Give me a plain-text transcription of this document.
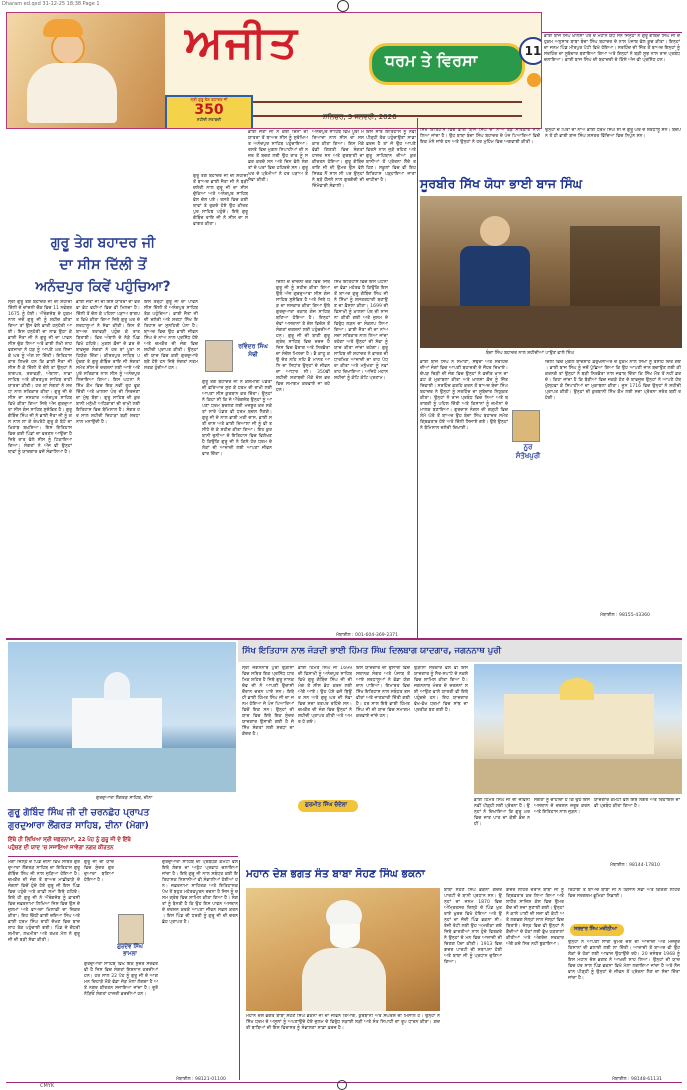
Dharam ed.qxd 31-12-25 18:38 Page 1
ਅਜੀਤ	ਧਰਮ ਤੇ ਵਿਰਸਾ	11
ਸ਼ਨਿਚਰ, 3 ਜਨਵਰੀ, 2026
ਸ੍ਰੀ ਗੁਰੂ ਤੇਗ ਬਹਾਦਰ ਜੀ
350
ਸ਼ਹੀਦੀ ਸ਼ਤਾਬਦੀ
ਭਾਈ ਬਾਜ ਸਿੰਘ ਖ਼ਾਲਸਾ ਪੰਥ ਦੇ ਮਹਾਨ ਯੋਧੇ ਸਨ ਜਿਨ੍ਹਾਂ ਨੇ ਗੁਰੂ ਗੋਬਿੰਦ ਸਿੰਘ ਜੀ ਦੇ ਹੁਕਮ ਅਨੁਸਾਰ ਬਾਬਾ ਬੰਦਾ ਸਿੰਘ ਬਹਾਦਰ ਦੇ ਨਾਲ ਪੰਜਾਬ ਵੱਲ ਕੂਚ ਕੀਤਾ। ਇਨ੍ਹਾਂ ਦਾ ਜਨਮ ਪਿੰਡ ਮੀਰਪੁਰ ਪੱਟੀ ਵਿਖੇ ਹੋਇਆ। ਸਰਹਿੰਦ ਦੀ ਜਿੱਤ ਤੋਂ ਬਾਅਦ ਇਨ੍ਹਾਂ ਨੂੰ ਸਰਹਿੰਦ ਦਾ ਸੂਬੇਦਾਰ ਬਣਾਇਆ ਗਿਆ ਅਤੇ ਇਨ੍ਹਾਂ ਨੇ ਬੜੀ ਸੂਝ ਨਾਲ ਰਾਜ ਪ੍ਰਬੰਧ ਚਲਾਇਆ। ਭਾਈ ਬਾਜ ਸਿੰਘ ਦੀ ਬਹਾਦਰੀ ਦੇ ਕਿੱਸੇ ਅੱਜ ਵੀ ਪ੍ਰਸਿੱਧ ਹਨ।
ਗੁਰੂ ਤੇਗ ਬਹਾਦਰ ਜੀ
ਦਾ ਸੀਸ ਦਿੱਲੀ ਤੋਂ
ਅਨੰਦਪੁਰ ਕਿਵੇਂ ਪਹੁੰਚਿਆ?
ਗੁਰੂ ਤੇਗ ਬਹਾਦਰ ਜੀ ਦੀ ਸ਼ਹੀਦੀ ਤੋਂ ਬਾਅਦ ਭਾਈ ਜੈਤਾ ਜੀ ਨੇ ਬੜੀ ਦਲੇਰੀ ਨਾਲ ਗੁਰੂ ਜੀ ਦਾ ਸੀਸ ਚੁੱਕਿਆ ਅਤੇ ਅਨੰਦਪੁਰ ਸਾਹਿਬ ਵੱਲ ਚੱਲ ਪਏ। ਰਸਤੇ ਵਿਚ ਕਈ ਥਾਵਾਂ ਤੇ ਰੁਕਦੇ ਹੋਏ ਉਹ ਕੀਰਤਪੁਰ ਸਾਹਿਬ ਪਹੁੰਚੇ। ਇਥੇ ਗੁਰੂ ਗੋਬਿੰਦ ਰਾਇ ਜੀ ਨੇ ਸੀਸ ਦਾ ਸਵਾਗਤ ਕੀਤਾ।
ਸ੍ਰੀ ਗੁਰੂ ਤੇਗ ਬਹਾਦਰ ਜੀ ਦੀ ਸ਼ਹੀਦੀ ਦਿੱਲੀ ਦੇ ਚਾਂਦਨੀ ਚੌਕ ਵਿਚ 11 ਨਵੰਬਰ 1675 ਨੂੰ ਹੋਈ। ਔਰੰਗਜ਼ੇਬ ਦੇ ਹੁਕਮ ਨਾਲ ਜਦੋਂ ਗੁਰੂ ਜੀ ਨੂੰ ਸ਼ਹੀਦ ਕੀਤਾ ਗਿਆ ਤਾਂ ਉਸ ਵੇਲੇ ਭਾਰੀ ਹਨ੍ਹੇਰੀ ਆਈ। ਇਸ ਹਨ੍ਹੇਰੀ ਦਾ ਲਾਭ ਉਠਾ ਕੇ ਭਾਈ ਜੈਤਾ ਜੀ ਨੇ ਗੁਰੂ ਜੀ ਦਾ ਪਾਵਨ ਸੀਸ ਚੁੱਕ ਲਿਆ ਅਤੇ ਭਾਈ ਲੱਖੀ ਸ਼ਾਹ ਵਣਜਾਰਾ ਨੇ ਧੜ ਨੂੰ ਆਪਣੇ ਘਰ ਲਿਜਾ ਕੇ ਘਰ ਨੂੰ ਅੱਗ ਲਾ ਦਿੱਤੀ। ਇਤਿਹਾਸਕਾਰ ਲਿਖਦੇ ਹਨ ਕਿ ਭਾਈ ਜੈਤਾ ਜੀ ਸੀਸ ਲੈ ਕੇ ਦਿੱਲੀ ਤੋਂ ਚੱਲੇ ਤਾਂ ਉਨ੍ਹਾਂ ਨੇ ਬਾਗਪਤ, ਤਰਾਵੜੀ, ਅੰਬਾਲਾ, ਨਾਭਾ ਸਾਹਿਬ ਅਤੇ ਕੀਰਤਪੁਰ ਸਾਹਿਬ ਰਾਹੀਂ ਯਾਤਰਾ ਕੀਤੀ। ਹਰ ਥਾਂ ਸੰਗਤਾਂ ਨੇ ਸ਼ਰਧਾ ਨਾਲ ਸਤਿਕਾਰ ਕੀਤਾ। ਗੁਰੂ ਜੀ ਦੇ ਸੀਸ ਦਾ ਸਸਕਾਰ ਅਨੰਦਪੁਰ ਸਾਹਿਬ ਵਿਖੇ ਕੀਤਾ ਗਿਆ ਜਿਥੇ ਅੱਜ ਗੁਰਦੁਆਰਾ ਸੀਸ ਗੰਜ ਸਾਹਿਬ ਸੁਸ਼ੋਭਿਤ ਹੈ। ਗੁਰੂ ਗੋਬਿੰਦ ਸਿੰਘ ਜੀ ਨੇ ਭਾਈ ਜੈਤਾ ਜੀ ਨੂੰ ਗਲ ਨਾਲ ਲਾ ਕੇ ਰੰਘਰੇਟੇ ਗੁਰੂ ਕੇ ਬੇਟੇ ਦਾ ਖ਼ਿਤਾਬ ਬਖ਼ਸ਼ਿਆ। ਇਸ ਇਤਿਹਾਸ ਵਿਚ ਕਈ ਪਿੰਡਾਂ ਦਾ ਵਰਣਨ ਆਉਂਦਾ ਹੈ ਜਿਥੇ ਰਾਤ ਵੇਲੇ ਸੀਸ ਨੂੰ ਟਿਕਾਇਆ ਗਿਆ। ਸੰਗਤਾਂ ਨੇ ਅੱਜ ਵੀ ਉਨ੍ਹਾਂ ਥਾਵਾਂ ਨੂੰ ਯਾਦਗਾਰ ਵਜੋਂ ਸੰਭਾਲਿਆ ਹੈ।
ਭਾਈ ਜੈਤਾ ਜੀ ਦੀ ਇਸ ਯਾਤਰਾ ਦਾ ਵੇਰਵਾ ਭੱਟ ਵਹੀਆਂ ਵਿਚ ਵੀ ਮਿਲਦਾ ਹੈ। ਦਿੱਲੀ ਤੋਂ ਚੱਲ ਕੇ ਪਹਿਲਾ ਪੜਾਅ ਬਾਗਪਤ ਵਿਖੇ ਕੀਤਾ ਗਿਆ ਜਿਥੇ ਗੁਰੂ ਘਰ ਦੇ ਸ਼ਰਧਾਲੂਆਂ ਨੇ ਸੇਵਾ ਕੀਤੀ। ਇਸ ਤੋਂ ਬਾਅਦ ਤਰਾਵੜੀ ਪਹੁੰਚ ਕੇ ਰਾਤ ਬਿਤਾਈ। ਫਿਰ ਅੰਬਾਲੇ ਦੇ ਨੇੜੇ ਪਿੰਡ ਵਿਖੇ ਠਹਿਰੇ। ਮੁਗ਼ਲ ਫ਼ੌਜਾਂ ਦੇ ਡਰ ਦੇ ਬਾਵਜੂਦ ਸੰਗਤਾਂ ਨੇ ਹਰ ਥਾਂ ਪੂਰਾ ਸਹਿਯੋਗ ਦਿੱਤਾ। ਕੀਰਤਪੁਰ ਸਾਹਿਬ ਪਹੁੰਚਣ ਤੇ ਗੁਰੂ ਗੋਬਿੰਦ ਰਾਇ ਜੀ ਸੰਗਤਾਂ ਸਮੇਤ ਸੀਸ ਦੇ ਦਰਸ਼ਨਾਂ ਲਈ ਆਏ ਅਤੇ ਪੂਰੇ ਸਤਿਕਾਰ ਨਾਲ ਸੀਸ ਨੂੰ ਅਨੰਦਪੁਰ ਲਿਜਾਇਆ ਗਿਆ। ਇਸ ਘਟਨਾ ਨੇ ਸਿੱਖ ਕੌਮ ਵਿਚ ਇਕ ਨਵੀਂ ਰੂਹ ਫੂਕ ਦਿੱਤੀ ਅਤੇ ਖ਼ਾਲਸਾ ਪੰਥ ਦੀ ਸਿਰਜਣਾ ਦਾ ਮੁੱਢ ਬੱਝਾ। ਗੁਰੂ ਸਾਹਿਬ ਦੀ ਕੁਰਬਾਨੀ ਮਨੁੱਖੀ ਅਧਿਕਾਰਾਂ ਦੀ ਰਾਖੀ ਲਈ ਇਤਿਹਾਸ ਵਿਚ ਬੇਮਿਸਾਲ ਹੈ। ਸੰਗਤ ਹਰ ਸਾਲ ਸ਼ਹੀਦੀ ਦਿਹਾੜਾ ਬੜੀ ਸ਼ਰਧਾ ਨਾਲ ਮਨਾਉਂਦੀ ਹੈ।
ਇਸ ਤਰ੍ਹਾਂ ਗੁਰੂ ਜੀ ਦਾ ਪਾਵਨ ਸੀਸ ਦਿੱਲੀ ਤੋਂ ਅਨੰਦਪੁਰ ਸਾਹਿਬ ਤੱਕ ਪਹੁੰਚਿਆ। ਭਾਈ ਜੈਤਾ ਜੀ ਦੀ ਦਲੇਰੀ ਅਤੇ ਸ਼ਰਧਾ ਸਿੱਖ ਇਤਿਹਾਸ ਦਾ ਸੁਨਹਿਰੀ ਪੰਨਾ ਹੈ। ਬਾਅਦ ਵਿਚ ਉਹ ਭਾਈ ਜੀਵਨ ਸਿੰਘ ਦੇ ਨਾਂਅ ਨਾਲ ਪ੍ਰਸਿੱਧ ਹੋਏ ਅਤੇ ਚਮਕੌਰ ਦੀ ਜੰਗ ਵਿਚ ਸ਼ਹੀਦੀ ਪ੍ਰਾਪਤ ਕੀਤੀ। ਉਨ੍ਹਾਂ ਦੀ ਯਾਦ ਵਿਚ ਕਈ ਗੁਰਦੁਆਰੇ ਬਣੇ ਹੋਏ ਹਨ ਜਿਥੇ ਸੰਗਤਾਂ ਨਤਮਸਤਕ ਹੁੰਦੀਆਂ ਹਨ।
ਰਵਿੰਦਰ ਸਿੰਘ
ਸੋਢੀ
ਗੁਰੂ ਤੇਗ ਬਹਾਦਰ ਜੀ ਨੇ ਕਸ਼ਮੀਰੀ ਪੰਡਤਾਂ ਦੀ ਫ਼ਰਿਆਦ ਸੁਣ ਕੇ ਧਰਮ ਦੀ ਰਾਖੀ ਲਈ ਆਪਣਾ ਸੀਸ ਕੁਰਬਾਨ ਕਰ ਦਿੱਤਾ। ਉਨ੍ਹਾਂ ਨੇ ਕਿਹਾ ਸੀ ਕਿ ਜੇ ਔਰੰਗਜ਼ੇਬ ਉਨ੍ਹਾਂ ਨੂੰ ਆਪਣਾ ਧਰਮ ਬਦਲਣ ਲਈ ਮਜਬੂਰ ਕਰ ਸਕੇ ਤਾਂ ਸਾਰੇ ਪੰਡਤ ਵੀ ਧਰਮ ਬਦਲ ਲੈਣਗੇ। ਗੁਰੂ ਜੀ ਦੇ ਨਾਲ ਭਾਈ ਮਤੀ ਦਾਸ, ਭਾਈ ਸਤੀ ਦਾਸ ਅਤੇ ਭਾਈ ਦਿਆਲਾ ਜੀ ਨੂੰ ਵੀ ਤਸੀਹੇ ਦੇ ਕੇ ਸ਼ਹੀਦ ਕੀਤਾ ਗਿਆ। ਇਹ ਕੁਰਬਾਨੀ ਦੁਨੀਆ ਦੇ ਇਤਿਹਾਸ ਵਿਚ ਵਿਲੱਖਣ ਹੈ ਕਿਉਂਕਿ ਗੁਰੂ ਜੀ ਨੇ ਕਿਸੇ ਹੋਰ ਧਰਮ ਦੇ ਲੋਕਾਂ ਦੀ ਆਜ਼ਾਦੀ ਲਈ ਆਪਣਾ ਜੀਵਨ ਵਾਰ ਦਿੱਤਾ।
ਭਾਈ ਜੈਤਾ ਜੀ ਨੇ ਕਈ ਦਿਨਾਂ ਦੀ ਯਾਤਰਾ ਤੋਂ ਬਾਅਦ ਸੀਸ ਨੂੰ ਸੁਰੱਖਿਅਤ ਅਨੰਦਪੁਰ ਸਾਹਿਬ ਪਹੁੰਚਾਇਆ। ਰਸਤੇ ਵਿਚ ਮੁਗ਼ਲ ਸਿਪਾਹੀਆਂ ਦੀ ਨਜ਼ਰ ਤੋਂ ਬਚਣ ਲਈ ਉਹ ਰਾਤ ਨੂੰ ਸਫ਼ਰ ਕਰਦੇ ਸਨ ਅਤੇ ਦਿਨ ਵੇਲੇ ਸੰਗਤਾਂ ਦੇ ਘਰਾਂ ਵਿਚ ਠਹਿਰਦੇ ਸਨ। ਗੁਰੂ ਘਰ ਦੇ ਪ੍ਰੇਮੀਆਂ ਨੇ ਹਰ ਪੜਾਅ ਤੇ ਸੇਵਾ ਕੀਤੀ।
ਦਿੱਲੀ ਦੇ ਚਾਂਦਨੀ ਚੌਕ ਵਿਚ ਜਿਥੇ ਗੁਰੂ ਜੀ ਨੂੰ ਸ਼ਹੀਦ ਕੀਤਾ ਗਿਆ ਉਥੇ ਅੱਜ ਗੁਰਦੁਆਰਾ ਸੀਸ ਗੰਜ ਸਾਹਿਬ ਸੁਸ਼ੋਭਿਤ ਹੈ ਅਤੇ ਜਿਥੇ ਧੜ ਦਾ ਸਸਕਾਰ ਕੀਤਾ ਗਿਆ ਉਥੇ ਗੁਰਦੁਆਰਾ ਰਕਾਬ ਗੰਜ ਸਾਹਿਬ ਬਣਿਆ ਹੋਇਆ ਹੈ। ਇਨ੍ਹਾਂ ਦੋਵਾਂ ਅਸਥਾਨਾਂ ਤੇ ਦੇਸ਼ ਵਿਦੇਸ਼ ਤੋਂ ਸੰਗਤਾਂ ਦਰਸ਼ਨਾਂ ਲਈ ਪਹੁੰਚਦੀਆਂ ਹਨ। ਗੁਰੂ ਜੀ ਦੀ ਬਾਣੀ ਗੁਰੂ ਗ੍ਰੰਥ ਸਾਹਿਬ ਵਿਚ ਦਰਜ ਹੈ ਜਿਸ ਵਿਚ ਵੈਰਾਗ ਅਤੇ ਨਿਰਭੈਤਾ ਦਾ ਸੰਦੇਸ਼ ਮਿਲਦਾ ਹੈ। ਭੈ ਕਾਹੂ ਕਉ ਦੇਤ ਨਹਿ ਨਹਿ ਭੈ ਮਾਨਤ ਆਨਿ ਦਾ ਸਿਧਾਂਤ ਉਨ੍ਹਾਂ ਦੇ ਜੀਵਨ ਦਾ ਆਧਾਰ ਸੀ। 350ਵੀਂ ਸ਼ਹੀਦੀ ਸ਼ਤਾਬਦੀ ਮੌਕੇ ਦੇਸ਼ ਭਰ ਵਿਚ ਸਮਾਗਮ ਕਰਵਾਏ ਜਾ ਰਹੇ ਹਨ।
ਅਨੰਦਪੁਰ ਸਾਹਿਬ ਵਿਖੇ ਪੂਰੀ ਮਰਿਆਦਾ ਨਾਲ ਸੀਸ ਦਾ ਸਸਕਾਰ ਕੀਤਾ ਗਿਆ। ਇਸ ਮੌਕੇ ਵੱਡੀ ਗਿਣਤੀ ਵਿਚ ਸੰਗਤਾਂ ਹਾਜ਼ਰ ਸਨ ਅਤੇ ਗੁਰਬਾਣੀ ਦਾ ਕੀਰਤਨ ਹੋਇਆ। ਗੁਰੂ ਗੋਬਿੰਦ ਰਾਇ ਜੀ ਦੀ ਉਮਰ ਉਸ ਵੇਲੇ ਸਿਰਫ਼ ਨੌਂ ਸਾਲ ਸੀ ਪਰ ਉਨ੍ਹਾਂ ਨੇ ਬੜੇ ਹੌਂਸਲੇ ਨਾਲ ਗੁਰਗੱਦੀ ਦੀ ਜ਼ਿੰਮੇਵਾਰੀ ਸੰਭਾਲੀ।
ਸਿੱਖ ਇਤਿਹਾਸ ਵਿਚ ਇਸ ਘਟਨਾ ਦਾ ਵੱਡਾ ਮਹੱਤਵ ਹੈ ਕਿਉਂਕਿ ਇਸ ਤੋਂ ਬਾਅਦ ਗੁਰੂ ਗੋਬਿੰਦ ਸਿੰਘ ਜੀ ਨੇ ਸਿੱਖਾਂ ਨੂੰ ਸ਼ਸਤਰਧਾਰੀ ਬਣਾਉਣ ਦਾ ਫ਼ੈਸਲਾ ਕੀਤਾ। 1699 ਦੀ ਵਿਸਾਖੀ ਨੂੰ ਖ਼ਾਲਸਾ ਪੰਥ ਦੀ ਸਾਜਨਾ ਕੀਤੀ ਗਈ ਅਤੇ ਜ਼ੁਲਮ ਦੇ ਵਿਰੁੱਧ ਲੜਨ ਦਾ ਸੰਕਲਪ ਲਿਆ ਗਿਆ। ਭਾਈ ਜੈਤਾ ਜੀ ਦਾ ਨਾਂਅ ਸਦਾ ਸਤਿਕਾਰ ਨਾਲ ਲਿਆ ਜਾਂਦਾ ਰਹੇਗਾ ਅਤੇ ਉਨ੍ਹਾਂ ਦੀ ਸੇਵਾ ਨੂੰ ਯਾਦ ਕੀਤਾ ਜਾਂਦਾ ਰਹੇਗਾ। ਗੁਰੂ ਸਾਹਿਬ ਦੀ ਸ਼ਹਾਦਤ ਨੇ ਭਾਰਤ ਦੀ ਧਾਰਮਿਕ ਆਜ਼ਾਦੀ ਦਾ ਰਾਹ ਪੱਧਰਾ ਕੀਤਾ ਅਤੇ ਮਨੁੱਖਤਾ ਨੂੰ ਨਵਾਂ ਰਾਹ ਦਿਖਾਇਆ। ਅਜਿਹੇ ਮਹਾਨ ਸ਼ਹੀਦਾਂ ਨੂੰ ਕੋਟਿ ਕੋਟਿ ਪ੍ਰਣਾਮ।
ਇਸ ਸਾਰੇ ਇਤਿਹਾਸ ਨੂੰ ਨਵੀਂ ਪੀੜ੍ਹੀ ਤੱਕ ਪਹੁੰਚਾਉਣਾ ਸਾਡਾ ਫ਼ਰਜ਼ ਹੈ ਤਾਂ ਜੋ ਉਹ ਆਪਣੇ ਵਿਰਸੇ ਨਾਲ ਜੁੜੇ ਰਹਿਣ ਅਤੇ ਗੁਰੂ ਸਾਹਿਬਾਨ ਦੀਆਂ ਕੁਰਬਾਨੀਆਂ ਤੋਂ ਪ੍ਰੇਰਨਾ ਲੈਂਦੇ ਰਹਿਣ। ਸਕੂਲਾਂ ਵਿਚ ਵੀ ਇਹ ਇਤਿਹਾਸ ਪੜ੍ਹਾਇਆ ਜਾਣਾ ਚਾਹੀਦਾ ਹੈ।
ਮੋਬਾਈਲ : 001-604-369-2371
ਸਿੱਖ ਇਤਿਹਾਸ ਵਿਚ ਭਾਈ ਬਾਜ ਸਿੰਘ ਦਾ ਨਾਂਅ ਬੜੇ ਸਤਿਕਾਰ ਨਾਲ ਲਿਆ ਜਾਂਦਾ ਹੈ। ਉਹ ਬਾਬਾ ਬੰਦਾ ਸਿੰਘ ਬਹਾਦਰ ਦੇ ਪੰਜ ਪਿਆਰਿਆਂ ਵਿਚੋਂ ਇਕ ਮੰਨੇ ਜਾਂਦੇ ਹਨ ਅਤੇ ਉਨ੍ਹਾਂ ਨੇ ਹਰ ਮੁਹਿੰਮ ਵਿਚ ਅਗਵਾਈ ਕੀਤੀ।
ਉਨ੍ਹਾਂ ਦੇ ਪਿਤਾ ਦਾ ਨਾਂਅ ਭਾਈ ਧਰਮ ਸਿੰਘ ਸੀ ਜੋ ਗੁਰੂ ਘਰ ਦੇ ਸ਼ਰਧਾਲੂ ਸਨ। ਬਚਪਨ ਤੋਂ ਹੀ ਭਾਈ ਬਾਜ ਸਿੰਘ ਸ਼ਸਤਰ ਵਿੱਦਿਆ ਵਿਚ ਨਿਪੁੰਨ ਸਨ।
ਸੂਰਬੀਰ ਸਿੱਖ ਯੋਧਾ ਭਾਈ ਬਾਜ ਸਿੰਘ
ਬੰਦਾ ਸਿੰਘ ਬਹਾਦਰ ਨਾਲ ਸ਼ਹੀਦੀਆਂ ਪਾਉਣ ਵਾਲੇ ਸਿੰਘ
ਭਾਈ ਬਾਜ ਸਿੰਘ ਨੇ ਸਮਾਣਾ, ਸਢੌਰਾ ਅਤੇ ਸਰਹਿੰਦ ਦੀਆਂ ਜੰਗਾਂ ਵਿਚ ਆਪਣੀ ਬਹਾਦਰੀ ਦੇ ਜੌਹਰ ਦਿਖਾਏ। ਚੱਪੜ ਚਿੜੀ ਦੀ ਜੰਗ ਵਿਚ ਉਨ੍ਹਾਂ ਨੇ ਵਜ਼ੀਰ ਖ਼ਾਨ ਦਾ ਡਟ ਕੇ ਮੁਕਾਬਲਾ ਕੀਤਾ ਅਤੇ ਖ਼ਾਲਸਾ ਫ਼ੌਜ ਨੂੰ ਜਿੱਤ ਦਿਵਾਈ। ਸਰਹਿੰਦ ਫ਼ਤਹਿ ਕਰਨ ਤੋਂ ਬਾਅਦ ਬੰਦਾ ਸਿੰਘ ਬਹਾਦਰ ਨੇ ਉਨ੍ਹਾਂ ਨੂੰ ਸਰਹਿੰਦ ਦਾ ਸੂਬੇਦਾਰ ਨਿਯੁਕਤ ਕੀਤਾ। ਉਨ੍ਹਾਂ ਨੇ ਰਾਜ ਪ੍ਰਬੰਧ ਵਿਚ ਨਿਆਂ ਅਤੇ ਬਰਾਬਰੀ ਨੂੰ ਪਹਿਲ ਦਿੱਤੀ ਅਤੇ ਕਿਸਾਨਾਂ ਨੂੰ ਜ਼ਮੀਨਾਂ ਦੇ ਮਾਲਕ ਬਣਾਇਆ। ਗੁਰਦਾਸ ਨੰਗਲ ਦੀ ਗੜ੍ਹੀ ਵਿਚ ਲੰਮੇ ਘੇਰੇ ਤੋਂ ਬਾਅਦ ਉਹ ਬੰਦਾ ਸਿੰਘ ਬਹਾਦਰ ਸਮੇਤ ਗ੍ਰਿਫ਼ਤਾਰ ਹੋਏ ਅਤੇ ਦਿੱਲੀ ਲਿਜਾਏ ਗਏ। ਉਥੇ ਉਨ੍ਹਾਂ ਨੇ ਬੇਮਿਸਾਲ ਦਲੇਰੀ ਦਿਖਾਈ।
ਨੂਰ
ਸੰਤੋਖਪੁਰੀ
ਦਿੱਲੀ ਵਿਚ ਮੁਗ਼ਲ ਬਾਦਸ਼ਾਹ ਫ਼ਰੁੱਖਸੀਅਰ ਦੇ ਹੁਕਮ ਨਾਲ ਸਿੱਖਾਂ ਨੂੰ ਤਸੀਹੇ ਦਿੱਤੇ ਗਏ। ਭਾਈ ਬਾਜ ਸਿੰਘ ਨੂੰ ਜਦੋਂ ਪੁੱਛਿਆ ਗਿਆ ਕਿ ਉਹ ਆਪਣੀ ਜਾਨ ਬਚਾਉਣ ਲਈ ਕੀ ਕਰਨਗੇ ਤਾਂ ਉਨ੍ਹਾਂ ਨੇ ਬੜੀ ਨਿਰਭੈਤਾ ਨਾਲ ਜਵਾਬ ਦਿੱਤਾ ਕਿ ਸਿੱਖ ਮੌਤ ਤੋਂ ਨਹੀਂ ਡਰਦੇ। ਕਿਹਾ ਜਾਂਦਾ ਹੈ ਕਿ ਬੇੜੀਆਂ ਵਿਚ ਜਕੜੇ ਹੋਣ ਦੇ ਬਾਵਜੂਦ ਉਨ੍ਹਾਂ ਨੇ ਆਪਣੇ ਹੱਥ ਖੁੱਲ੍ਹਵਾ ਕੇ ਸਿਪਾਹੀਆਂ ਦਾ ਮੁਕਾਬਲਾ ਕੀਤਾ। ਜੂਨ 1716 ਵਿਚ ਉਨ੍ਹਾਂ ਨੇ ਸ਼ਹੀਦੀ ਪ੍ਰਾਪਤ ਕੀਤੀ। ਉਨ੍ਹਾਂ ਦੀ ਕੁਰਬਾਨੀ ਸਿੱਖ ਕੌਮ ਲਈ ਸਦਾ ਪ੍ਰੇਰਨਾ ਸਰੋਤ ਬਣੀ ਰਹੇਗੀ।
ਮੋਬਾਈਲ : 98155-43360
ਸਿੱਖ ਇਤਿਹਾਸ ਨਾਲ ਜੋੜਦੀ ਭਾਈ ਹਿੰਮਤ ਸਿੰਘ ਦਿਲਬਾਗ ਯਾਦਗਾਰ, ਜਗਨਨਾਥ ਪੁਰੀ
ਗੁਰਦੁਆਰਾ ਲੌਂਗਰੜ ਸਾਹਿਬ, ਦੀਨਾ
ਸ੍ਰੀ ਜਗਨਨਾਥ ਪੁਰੀ ਉੜੀਸਾ ਵਿਚ ਸਥਿਤ ਇਕ ਪ੍ਰਸਿੱਧ ਧਾਰਮਿਕ ਸ਼ਹਿਰ ਹੈ ਜਿਥੇ ਗੁਰੂ ਨਾਨਕ ਦੇਵ ਜੀ ਨੇ ਆਪਣੀ ਉਦਾਸੀ ਦੌਰਾਨ ਚਰਨ ਪਾਏ ਸਨ। ਇਥੇ ਹੀ ਭਾਈ ਹਿੰਮਤ ਸਿੰਘ ਜੀ ਦਾ ਜਨਮ ਹੋਇਆ ਜੋ ਪੰਜ ਪਿਆਰਿਆਂ ਵਿਚੋਂ ਇਕ ਸਨ। ਉਨ੍ਹਾਂ ਦੀ ਯਾਦ ਵਿਚ ਇਥੇ ਇਕ ਸੁੰਦਰ ਯਾਦਗਾਰ ਉਸਾਰੀ ਗਈ ਹੈ ਜੋ ਸਿੱਖ ਸੰਗਤਾਂ ਲਈ ਸ਼ਰਧਾ ਦਾ ਕੇਂਦਰ ਹੈ।
ਭਾਈ ਹਿੰਮਤ ਸਿੰਘ ਜੀ 1699 ਦੀ ਵਿਸਾਖੀ ਨੂੰ ਅਨੰਦਪੁਰ ਸਾਹਿਬ ਵਿਖੇ ਗੁਰੂ ਗੋਬਿੰਦ ਸਿੰਘ ਜੀ ਦੀ ਮੰਗ ਤੇ ਸੀਸ ਭੇਟ ਕਰਨ ਲਈ ਅੱਗੇ ਆਏ। ਉਹ ਪੇਸ਼ੇ ਵਜੋਂ ਝਿਊਰ ਸਨ ਅਤੇ ਗੁਰੂ ਘਰ ਦੀ ਸੇਵਾ ਵਿਚ ਸਦਾ ਤਤਪਰ ਰਹਿੰਦੇ ਸਨ। ਚਮਕੌਰ ਦੀ ਜੰਗ ਵਿਚ ਉਨ੍ਹਾਂ ਨੇ ਸ਼ਹੀਦੀ ਪ੍ਰਾਪਤ ਕੀਤੀ ਅਤੇ ਅਮਰ ਹੋ ਗਏ।
ਗੁਰਮੀਤ ਸਿੰਘ ਚੰਦੇਲਾ
ਇਸ ਯਾਦਗਾਰ ਦੀ ਉਸਾਰੀ ਵਿਚ ਸਥਾਨਕ ਸੰਗਤ ਅਤੇ ਪੰਜਾਬ ਤੋਂ ਆਏ ਸ਼ਰਧਾਲੂਆਂ ਨੇ ਵੱਡਾ ਯੋਗਦਾਨ ਪਾਇਆ। ਇਮਾਰਤ ਵਿਚ ਸਿੱਖ ਇਤਿਹਾਸ ਨਾਲ ਸਬੰਧਤ ਤਸਵੀਰਾਂ ਅਤੇ ਜਾਣਕਾਰੀ ਦਿੱਤੀ ਗਈ ਹੈ। ਹਰ ਸਾਲ ਇਥੇ ਭਾਈ ਹਿੰਮਤ ਸਿੰਘ ਜੀ ਦੀ ਯਾਦ ਵਿਚ ਸਮਾਗਮ ਕਰਵਾਏ ਜਾਂਦੇ ਹਨ।
ਉੜੀਸਾ ਸਰਕਾਰ ਵਲੋਂ ਵੀ ਇਸ ਯਾਦਗਾਰ ਨੂੰ ਸੈਰ-ਸਪਾਟੇ ਦੇ ਨਕਸ਼ੇ ਵਿਚ ਸ਼ਾਮਿਲ ਕੀਤਾ ਗਿਆ ਹੈ। ਜਗਨਨਾਥ ਮੰਦਰ ਦੇ ਦਰਸ਼ਨਾਂ ਲਈ ਆਉਣ ਵਾਲੇ ਯਾਤਰੀ ਵੀ ਇਥੇ ਪਹੁੰਚਦੇ ਹਨ। ਇਹ ਯਾਦਗਾਰ ਵੱਖ-ਵੱਖ ਧਰਮਾਂ ਵਿਚ ਸਾਂਝ ਦਾ ਪ੍ਰਤੀਕ ਬਣ ਗਈ ਹੈ।
ਭਾਈ ਹਿੰਮਤ ਸਿੰਘ ਜੀ ਦੀ ਜੀਵਨੀ ਨਵੀਂ ਪੀੜ੍ਹੀ ਲਈ ਪ੍ਰੇਰਨਾ ਹੈ। ਉਨ੍ਹਾਂ ਨੇ ਦਿਖਾਇਆ ਕਿ ਗੁਰੂ ਘਰ ਵਿਚ ਜਾਤ ਪਾਤ ਦਾ ਕੋਈ ਭੇਦ ਨਹੀਂ।
ਸੰਗਤਾਂ ਨੂੰ ਚਾਹੀਦਾ ਹੈ ਕਿ ਉਹ ਇਸ ਅਸਥਾਨ ਦੇ ਦਰਸ਼ਨ ਜ਼ਰੂਰ ਕਰਨ ਅਤੇ ਇਤਿਹਾਸ ਨਾਲ ਜੁੜਨ।
ਯਾਦਗਾਰ ਕਮੇਟੀ ਵਲੋਂ ਇਥੇ ਲੰਗਰ ਅਤੇ ਰਿਹਾਇਸ਼ ਦਾ ਵੀ ਪ੍ਰਬੰਧ ਕੀਤਾ ਗਿਆ ਹੈ।
ਮੋਬਾਈਲ : 98144-17810
ਗੁਰੂ ਗੋਬਿੰਦ ਸਿੰਘ ਜੀ ਦੀ ਚਰਨਛੋਹ ਪ੍ਰਾਪਤ
ਗੁਰਦੁਆਰਾ ਲੌਂਗਰੜ ਸਾਹਿਬ, ਦੀਨਾ (ਮੋਗਾ)
ਇੱਥੇ ਹੀ ਲਿਖਿਆ ਸ੍ਰੀ ਜ਼ਫ਼ਰਨਾਮਾ, 22 ਪੋਹ ਨੂੰ ਗੁਰੂ ਜੀ ਦੇ ਇੱਥੇ
ਪਹੁੰਚਣ ਦੀ ਯਾਦ 'ਚ ਸਜਾਇਆ ਜਾਵੇਗਾ ਨਗਰ ਕੀਰਤਨ
ਮੋਗਾ ਜ਼ਿਲ੍ਹੇ ਦੇ ਪਿੰਡ ਦੀਨਾ ਵਿਖੇ ਸਥਿਤ ਗੁਰਦੁਆਰਾ ਲੌਂਗਰੜ ਸਾਹਿਬ ਦਾ ਇਤਿਹਾਸ ਗੁਰੂ ਗੋਬਿੰਦ ਸਿੰਘ ਜੀ ਨਾਲ ਜੁੜਿਆ ਹੋਇਆ ਹੈ। ਚਮਕੌਰ ਦੀ ਜੰਗ ਤੋਂ ਬਾਅਦ ਮਾਛੀਵਾੜੇ ਦੇ ਜੰਗਲਾਂ ਵਿਚੋਂ ਹੁੰਦੇ ਹੋਏ ਗੁਰੂ ਜੀ ਇਸ ਪਿੰਡ ਵਿਚ ਪਹੁੰਚੇ ਅਤੇ ਕਾਫ਼ੀ ਸਮਾਂ ਇਥੇ ਠਹਿਰੇ। ਇਥੇ ਹੀ ਗੁਰੂ ਜੀ ਨੇ ਔਰੰਗਜ਼ੇਬ ਨੂੰ ਫ਼ਾਰਸੀ ਵਿਚ ਜ਼ਫ਼ਰਨਾਮਾ ਲਿਖਿਆ ਜਿਸ ਵਿਚ ਉਸ ਦੇ ਜ਼ੁਲਮਾਂ ਅਤੇ ਵਾਅਦਾ ਖ਼ਿਲਾਫ਼ੀ ਦਾ ਜ਼ਿਕਰ ਕੀਤਾ। ਇਹ ਚਿੱਠੀ ਭਾਈ ਦਇਆ ਸਿੰਘ ਅਤੇ ਭਾਈ ਧਰਮ ਸਿੰਘ ਰਾਹੀਂ ਦੱਖਣ ਵਿਚ ਬਾਦਸ਼ਾਹ ਤੱਕ ਪਹੁੰਚਾਈ ਗਈ। ਪਿੰਡ ਦੇ ਚੌਧਰੀ ਸ਼ਮੀਰਾ, ਲਖਮੀਰਾ ਅਤੇ ਤਖ਼ਤ ਮੱਲ ਨੇ ਗੁਰੂ ਜੀ ਦੀ ਬੜੀ ਸੇਵਾ ਕੀਤੀ।
ਗੁਰਦੇਵ ਸਿੰਘ
ਭਾਮਲਾ
ਗੁਰੂ ਜੀ ਦੀ ਯਾਦ ਵਿਚ ਸੁੰਦਰ ਗੁਰਦੁਆਰਾ ਬਣਿਆ ਹੋਇਆ ਹੈ।
ਗੁਰਦੁਆਰਾ ਸਾਹਿਬ ਵਿਖੇ ਇਕ ਸੁੰਦਰ ਸਰੋਵਰ ਵੀ ਹੈ ਜਿਸ ਵਿਚ ਸੰਗਤਾਂ ਇਸ਼ਨਾਨ ਕਰਦੀਆਂ ਹਨ। ਹਰ ਸਾਲ 22 ਪੋਹ ਨੂੰ ਗੁਰੂ ਜੀ ਦੇ ਆਗਮਨ ਦਿਹਾੜੇ ਮੌਕੇ ਵੱਡਾ ਜੋੜ ਮੇਲਾ ਲੱਗਦਾ ਹੈ ਅਤੇ ਨਗਰ ਕੀਰਤਨ ਸਜਾਇਆ ਜਾਂਦਾ ਹੈ। ਦੂਰੋਂ ਨੇੜਿਓਂ ਸੰਗਤਾਂ ਹਾਜ਼ਰੀ ਭਰਦੀਆਂ ਹਨ।
ਗੁਰਦੁਆਰਾ ਸਾਹਿਬ ਦੀ ਪ੍ਰਬੰਧਕ ਕਮੇਟੀ ਵਲੋਂ ਇਥੇ ਲੰਗਰ ਦਾ ਅਤੁੱਟ ਪ੍ਰਵਾਹ ਚਲਾਇਆ ਜਾਂਦਾ ਹੈ। ਇਥੇ ਗੁਰੂ ਜੀ ਨਾਲ ਸਬੰਧਤ ਕਈ ਇਤਿਹਾਸਕ ਨਿਸ਼ਾਨੀਆਂ ਵੀ ਸੰਭਾਲੀਆਂ ਹੋਈਆਂ ਹਨ। ਜ਼ਫ਼ਰਨਾਮਾ ਸਾਹਿਤਕ ਅਤੇ ਇਤਿਹਾਸਕ ਪੱਖ ਤੋਂ ਬਹੁਤ ਮਹੱਤਵਪੂਰਨ ਰਚਨਾ ਹੈ ਜਿਸ ਨੂੰ ਦਸਮ ਗ੍ਰੰਥ ਵਿਚ ਸ਼ਾਮਿਲ ਕੀਤਾ ਗਿਆ ਹੈ। ਸੰਗਤਾਂ ਨੂੰ ਬੇਨਤੀ ਹੈ ਕਿ ਉਹ ਇਸ ਪਾਵਨ ਅਸਥਾਨ ਦੇ ਦਰਸ਼ਨ ਕਰਕੇ ਆਪਣਾ ਜੀਵਨ ਸਫ਼ਲ ਕਰਨ। ਇਸ ਪਿੰਡ ਦੀ ਧਰਤੀ ਨੂੰ ਗੁਰੂ ਜੀ ਦੀ ਚਰਨਛੋਹ ਪ੍ਰਾਪਤ ਹੈ।
ਮੋਬਾਈਲ : 98121-01100
ਮਹਾਨ ਦੇਸ਼ ਭਗਤ ਸੰਤ ਬਾਬਾ ਸੋਹਣ ਸਿੰਘ ਭਕਨਾ
ਬਾਬਾ ਸੋਹਣ ਸਿੰਘ ਭਕਨਾ ਗ਼ਦਰ ਪਾਰਟੀ ਦੇ ਬਾਨੀ ਪ੍ਰਧਾਨ ਸਨ। ਉਨ੍ਹਾਂ ਦਾ ਜਨਮ 1870 ਵਿਚ ਅੰਮ੍ਰਿਤਸਰ ਜ਼ਿਲ੍ਹੇ ਦੇ ਪਿੰਡ ਖੁਤਰਾਏ ਖ਼ੁਰਦ ਵਿਖੇ ਹੋਇਆ ਅਤੇ ਉਨ੍ਹਾਂ ਦਾ ਜੱਦੀ ਪਿੰਡ ਭਕਨਾ ਸੀ। ਰੋਜ਼ੀ ਰੋਟੀ ਲਈ ਉਹ ਅਮਰੀਕਾ ਗਏ ਜਿਥੇ ਭਾਰਤੀਆਂ ਨਾਲ ਹੁੰਦੇ ਵਿਤਕਰੇ ਨੇ ਉਨ੍ਹਾਂ ਦੇ ਮਨ ਵਿਚ ਆਜ਼ਾਦੀ ਦੀ ਚਿਣਗ ਪੈਦਾ ਕੀਤੀ। 1913 ਵਿਚ ਗ਼ਦਰ ਪਾਰਟੀ ਦੀ ਸਥਾਪਨਾ ਹੋਈ ਅਤੇ ਬਾਬਾ ਜੀ ਨੂੰ ਪ੍ਰਧਾਨ ਚੁਣਿਆ ਗਿਆ।
ਗ਼ਦਰ ਲਹਿਰ ਦੌਰਾਨ ਬਾਬਾ ਜੀ ਨੂੰ ਗ੍ਰਿਫ਼ਤਾਰ ਕਰ ਲਿਆ ਗਿਆ ਅਤੇ ਲਾਹੌਰ ਸਾਜ਼ਿਸ਼ ਕੇਸ ਵਿਚ ਉਮਰ ਕੈਦ ਦੀ ਸਜ਼ਾ ਸੁਣਾਈ ਗਈ। ਉਨ੍ਹਾਂ ਨੇ ਕਾਲੇ ਪਾਣੀ ਦੀ ਸਜ਼ਾ ਵੀ ਕੱਟੀ ਅਤੇ ਲਗਭਗ ਸੋਲ੍ਹਾਂ ਸਾਲ ਜੇਲ੍ਹਾਂ ਵਿਚ ਬਿਤਾਏ। ਜੇਲ੍ਹ ਵਿਚ ਵੀ ਉਨ੍ਹਾਂ ਨੇ ਕੈਦੀਆਂ ਦੇ ਹੱਕਾਂ ਲਈ ਭੁੱਖ ਹੜਤਾਲਾਂ ਕੀਤੀਆਂ ਅਤੇ ਅੰਗਰੇਜ਼ ਸਰਕਾਰ ਅੱਗੇ ਕਦੇ ਸਿਰ ਨਹੀਂ ਝੁਕਾਇਆ।
ਸਰਦਾਰ ਸਿੰਘ ਮਜ਼ੀਠੀਆ
ਰਿਹਾਈ ਤੋਂ ਬਾਅਦ ਬਾਬਾ ਜੀ ਨੇ ਕਿਸਾਨ ਸਭਾ ਅਤੇ ਕਿਰਤੀ ਲਹਿਰ ਵਿਚ ਸਰਗਰਮ ਭੂਮਿਕਾ ਨਿਭਾਈ।
ਉਨ੍ਹਾਂ ਨੇ ਆਪਣੀ ਸਾਰੀ ਉਮਰ ਦੇਸ਼ ਦੀ ਆਜ਼ਾਦੀ ਅਤੇ ਮਜ਼ਦੂਰ ਕਿਸਾਨਾਂ ਦੀ ਭਲਾਈ ਲਈ ਲਾ ਦਿੱਤੀ। ਆਜ਼ਾਦੀ ਤੋਂ ਬਾਅਦ ਵੀ ਉਹ ਲੋਕਾਂ ਦੇ ਹੱਕਾਂ ਲਈ ਆਵਾਜ਼ ਉਠਾਉਂਦੇ ਰਹੇ। 20 ਦਸੰਬਰ 1968 ਨੂੰ ਇਸ ਮਹਾਨ ਦੇਸ਼ ਭਗਤ ਨੇ ਆਖ਼ਰੀ ਸਾਹ ਲਿਆ। ਉਨ੍ਹਾਂ ਦੀ ਯਾਦ ਵਿਚ ਹਰ ਸਾਲ ਪਿੰਡ ਭਕਨਾ ਵਿਖੇ ਮੇਲਾ ਲਗਾਇਆ ਜਾਂਦਾ ਹੈ ਅਤੇ ਨੌਜਵਾਨ ਪੀੜ੍ਹੀ ਨੂੰ ਉਨ੍ਹਾਂ ਦੇ ਜੀਵਨ ਤੋਂ ਪ੍ਰੇਰਨਾ ਲੈਣ ਦਾ ਸੱਦਾ ਦਿੱਤਾ ਜਾਂਦਾ ਹੈ।
ਮਹਾਨ ਦੇਸ਼ ਭਗਤ ਬਾਬਾ ਸੋਹਣ ਸਿੰਘ ਭਕਨਾ ਜੀ ਦਾ ਜੀਵਨ ਤਿਆਗ, ਕੁਰਬਾਨੀ ਅਤੇ ਸੰਘਰਸ਼ ਦੀ ਮਿਸਾਲ ਹੈ। ਉਨ੍ਹਾਂ ਨੇ ਸਿੱਖ ਧਰਮ ਦੇ ਅਸੂਲਾਂ ਨੂੰ ਅਪਣਾਉਂਦੇ ਹੋਏ ਜ਼ੁਲਮ ਦੇ ਵਿਰੁੱਧ ਲੜਾਈ ਲੜੀ ਅਤੇ ਸੰਤ ਸਿਪਾਹੀ ਦਾ ਰੂਪ ਧਾਰਨ ਕੀਤਾ। ਗ਼ਦਰੀ ਬਾਬਿਆਂ ਦੀ ਇਸ ਵਿਰਾਸਤ ਨੂੰ ਸੰਭਾਲਣਾ ਸਾਡਾ ਫ਼ਰਜ਼ ਹੈ।
ਮੋਬਾਈਲ : 98148-61131
CMYK
